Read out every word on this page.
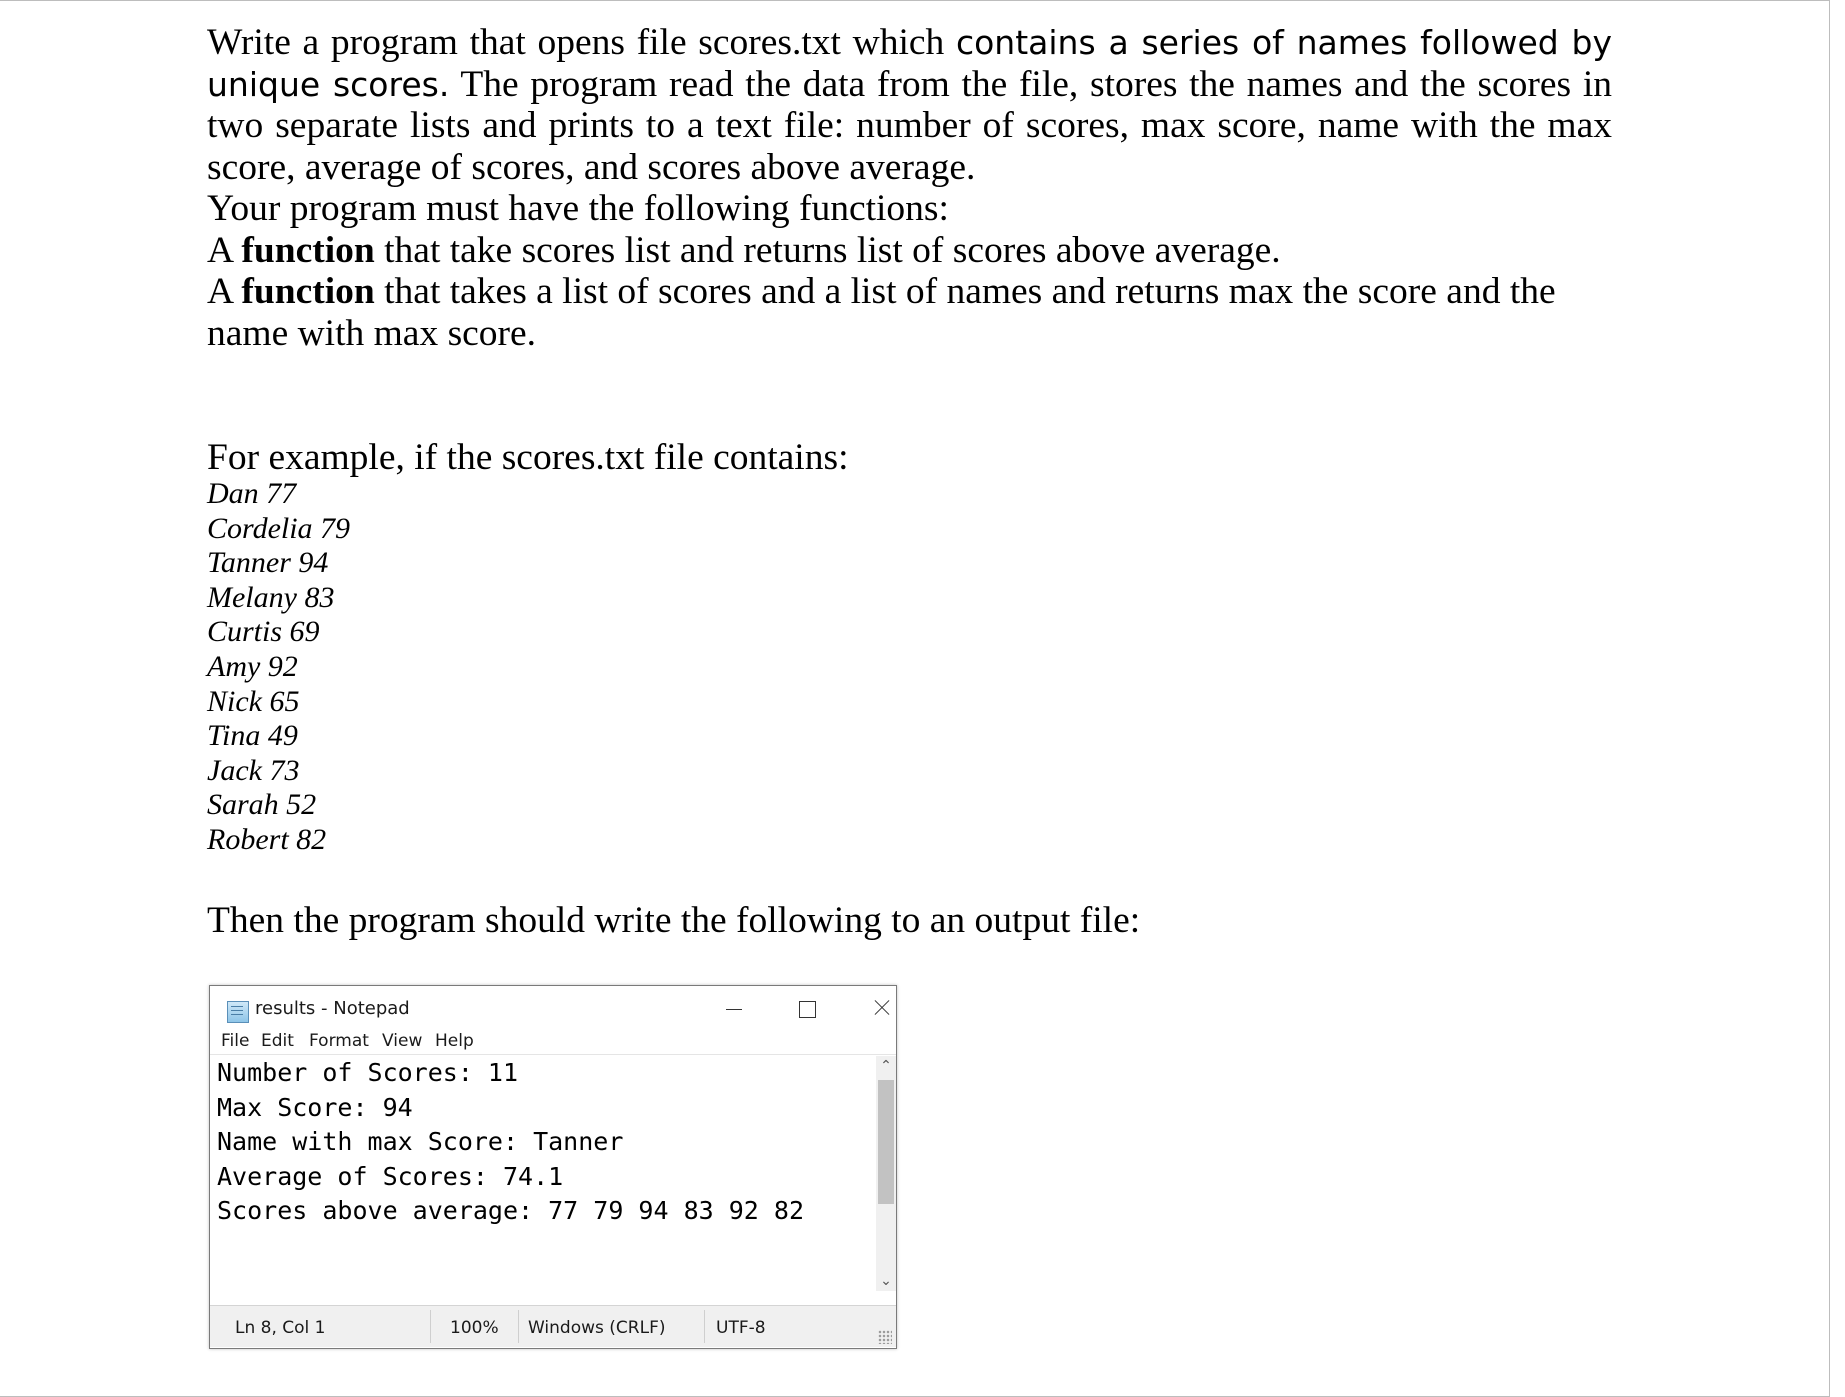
Write a program that opens file scores.txt which contains a series of names followed by unique scores. The program read the data from the file, stores the names and the scores in two separate lists and prints to a text file: number of scores, max score, name with the max score, average of scores, and scores above average.

Your program must have the following functions:

A function that take scores list and returns list of scores above average.

A function that takes a list of scores and a list of names and returns max the score and the name with max score.

For example, if the scores.txt file contains:

Dan 77
Cordelia 79
Tanner 94
Melany 83
Curtis 69
Amy 92
Nick 65
Tina 49
Jack 73
Sarah 52
Robert 82

Then the program should write the following to an output file:

results - Notepad
File Edit Format View Help
Number of Scores: 11
Max Score: 94
Name with max Score: Tanner
Average of Scores: 74.1
Scores above average: 77 79 94 83 92 82
⌃
⌄
Ln 8, Col 1	100% Windows (CRLF)	UTF-8
